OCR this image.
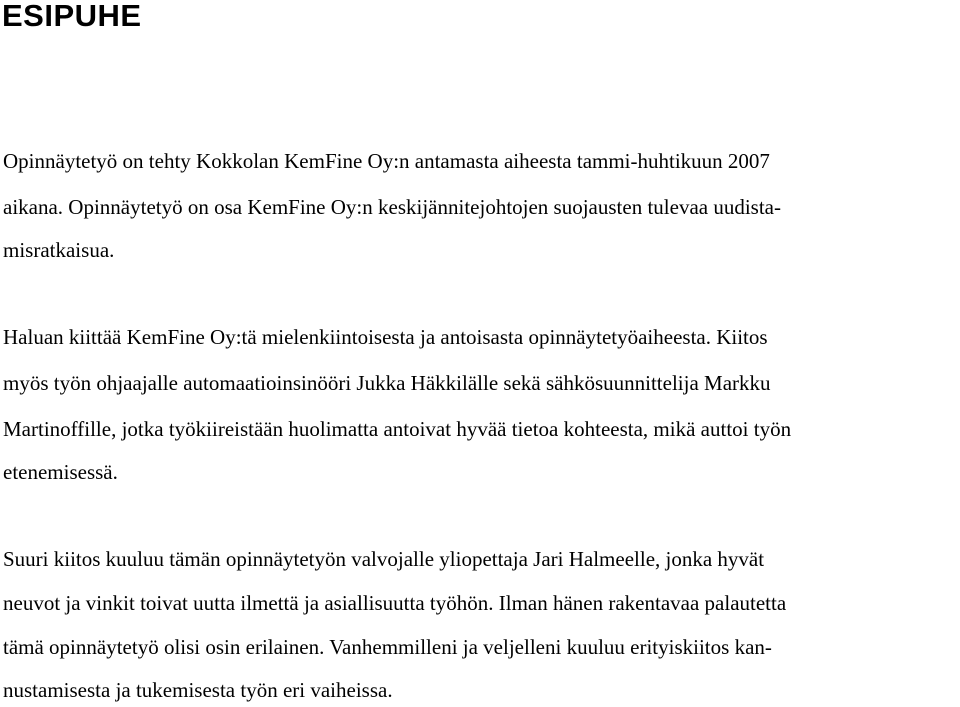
ESIPUHE

Opinnäytetyö on tehty Kokkolan KemFine Oy:n antamasta aiheesta tammi-huhtikuun 2007

aikana. Opinnäytetyö on osa KemFine Oy:n keskijännitejohtojen suojausten tulevaa uudista-

misratkaisua.

Haluan kiittää KemFine Oy:tä mielenkiintoisesta ja antoisasta opinnäytetyöaiheesta. Kiitos

myös työn ohjaajalle automaatioinsinööri Jukka Häkkilälle sekä sähkösuunnittelija Markku

Martinoffille, jotka työkiireistään huolimatta antoivat hyvää tietoa kohteesta, mikä auttoi työn

etenemisessä.

Suuri kiitos kuuluu tämän opinnäytetyön valvojalle yliopettaja Jari Halmeelle, jonka hyvät

neuvot ja vinkit toivat uutta ilmettä ja asiallisuutta työhön. Ilman hänen rakentavaa palautetta

tämä opinnäytetyö olisi osin erilainen. Vanhemmilleni ja veljelleni kuuluu erityiskiitos kan-

nustamisesta ja tukemisesta työn eri vaiheissa.
